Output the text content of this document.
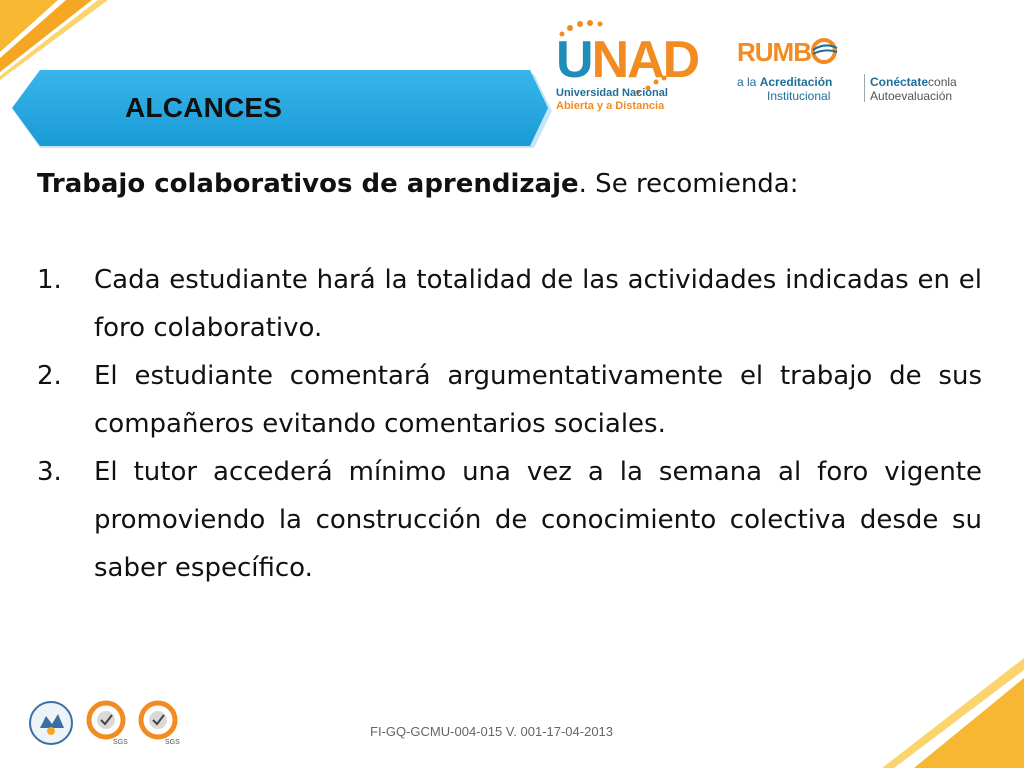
ALCANCES
UNAD
Universidad Nacional
Abierta y a Distancia
RUMB
a la Acreditación
Institucional
Conéctateconla
Autoevaluación

Trabajo colaborativos de aprendizaje. Se recomienda:

1. Cada estudiante hará la totalidad de las actividades indicadas en el foro colaborativo.
2. El estudiante comentará argumentativamente el trabajo de sus compañeros evitando comentarios sociales.
3. El tutor accederá mínimo una vez a la semana al foro vigente promoviendo la construcción de conocimiento colectiva desde su saber específico.
SGS	SGS
FI-GQ-GCMU-004-015 V. 001-17-04-2013
